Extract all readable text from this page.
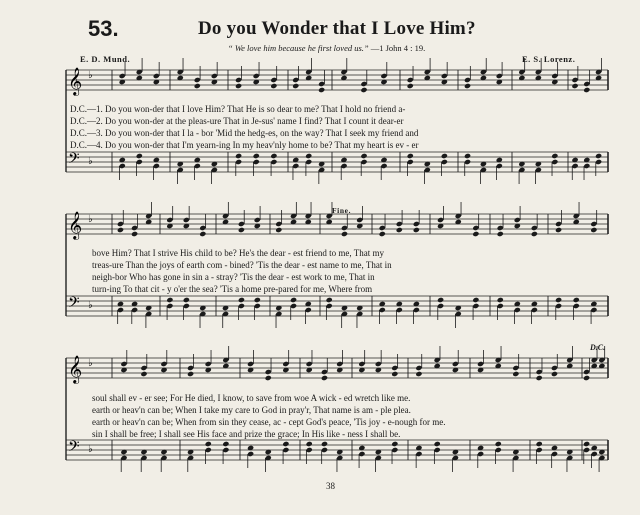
53.	Do you Wonder that I Love Him?
“ We love him because he first loved us.” —1 John 4 : 19.
E. D. Mund.	E. S. Lorenz.
Fine.
D.C.
𝄞
𝄢
♭
♭
𝄞
𝄢
♭
♭
𝄞
𝄢
♭
♭
D.C.—1. Do you won-der that I love Him? That He is so dear to me? That I hold no friend a-
D.C.—2. Do you won-der at the pleas-ure That in Je-sus' name I find? That I count it dear-er
D.C.—3. Do you won-der that I la - bor 'Mid the hedg-es, on the way? That I seek my friend and
D.C.—4. Do you won-der that I'm yearn-ing In my heav'nly home to be? That my heart is ev - er
bove Him? That I strive His child to be? He's the dear - est friend to me, That my
treas-ure Than the joys of earth com - bined? 'Tis the dear - est name to me, That in
neigh-bor Who has gone in sin a - stray? 'Tis the dear - est work to me, That in
turn-ing To that cit - y o'er the sea? 'Tis a home pre-pared for me, Where from
soul shall ev - er see; For He died, I know, to save from woe A wick - ed wretch like me.
earth or heav'n can be; When I take my care to God in pray'r, That name is am - ple plea.
earth or heav'n can be; When from sin they cease, ac - cept God's peace, 'Tis joy - e-nough for me.
sin I shall be free; I shall see His face and prize the grace; In His like - ness I shall be.
38
